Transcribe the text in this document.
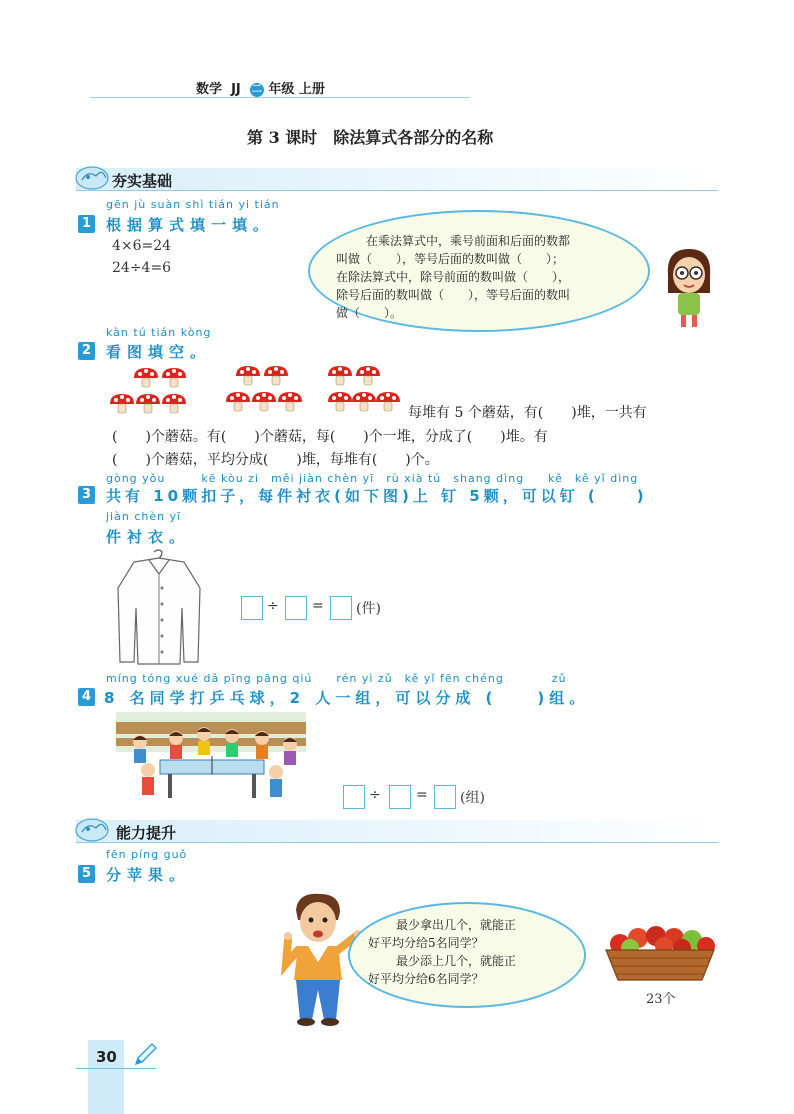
数学 JJ 二 年级 上册
第 3 课时　除法算式各部分的名称
夯实基础
gēn jù suàn shì tián yi tián
1 根据算式填一填。
4×6=24
24÷4=6
在乘法算式中，乘号前面和后面的数都
叫做（　　），等号后面的数叫做（　　）；
在除法算式中，除号前面的数叫做（　　），
除号后面的数叫做（　　），等号后面的数叫
做（　　）。
kàn tú tián kòng
2 看图填空。
每堆有 5 个蘑菇，有(　　)堆，一共有
(　　)个蘑菇。有(　　)个蘑菇，每(　　)个一堆，分成了(　　)堆。有
(　　)个蘑菇，平均分成(　　)堆，每堆有(　　)个。
gòng yǒu　　　kē kòu zi　měi jiàn chèn yī　rù xià tú　shang dìng　　kě　kě yǐ dìng
3 共有 10颗扣子，每件衬衣(如下图)上 钉 5颗，可以钉 (　　)
jiàn chèn yī
件衬衣。
÷ = (件)
míng tóng xué dǎ pīng pāng qiú　　rén yì zǔ　kě yǐ fēn chéng　　　　zǔ
4 8 名同学打乒乓球，2 人一组，可以分成 (　　)组。
÷	= (组)
能力提升
fēn píng guǒ
5 分苹果。
最少拿出几个，就能正
好平均分给5名同学？
最少添上几个，就能正
好平均分给6名同学？
23个
30
